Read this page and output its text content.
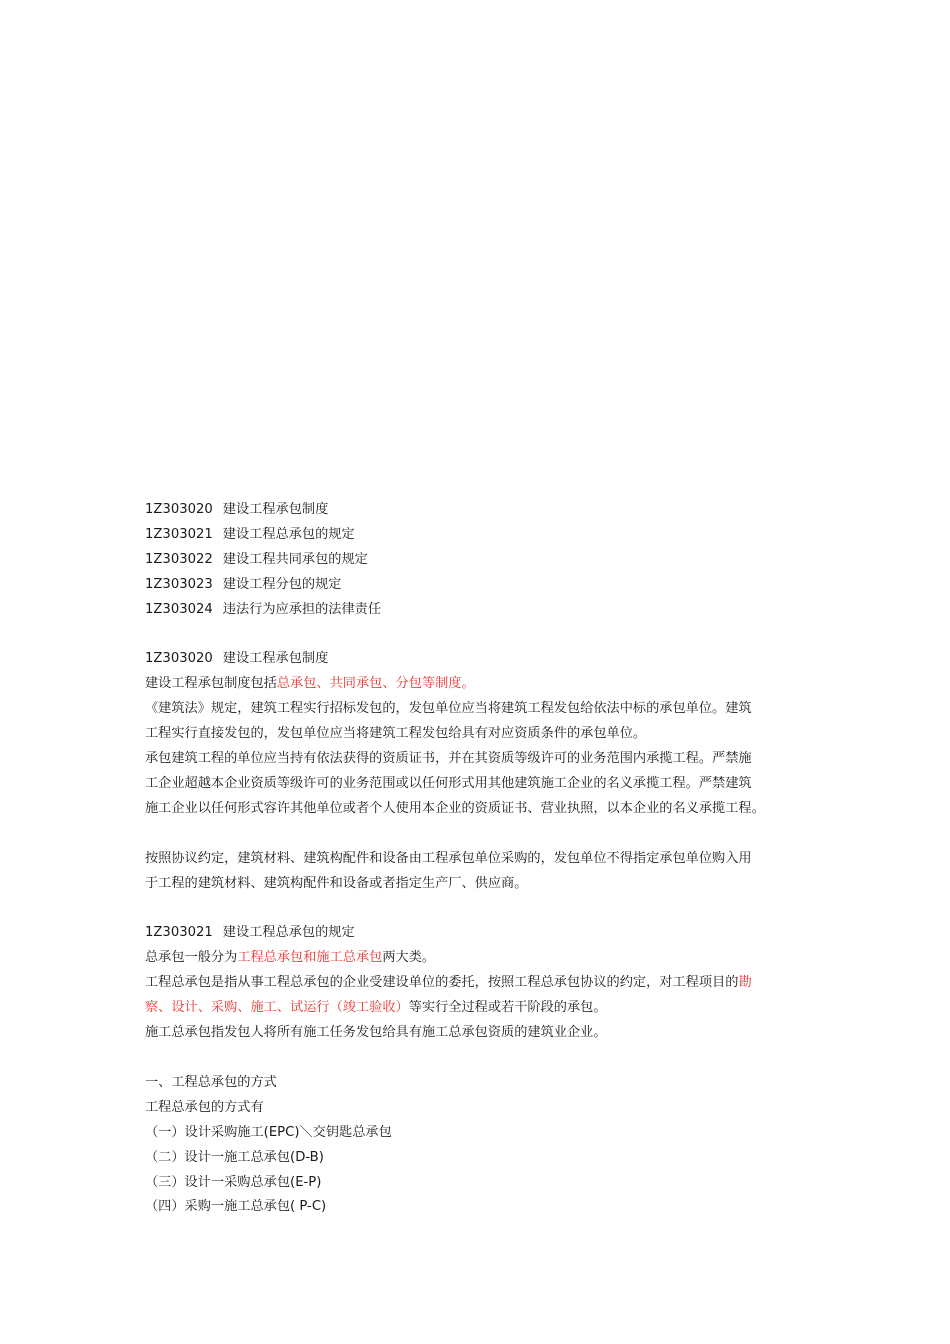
1Z303020 建设工程承包制度
1Z303021 建设工程总承包的规定
1Z303022 建设工程共同承包的规定
1Z303023 建设工程分包的规定
1Z303024 违法行为应承担的法律责任
1Z303020 建设工程承包制度
建设工程承包制度包括总承包、共同承包、分包等制度。
《建筑法》规定，建筑工程实行招标发包的，发包单位应当将建筑工程发包给依法中标的承包单位。建筑
工程实行直接发包的，发包单位应当将建筑工程发包给具有对应资质条件的承包单位。
承包建筑工程的单位应当持有依法获得的资质证书，并在其资质等级许可的业务范围内承揽工程。严禁施
工企业超越本企业资质等级许可的业务范围或以任何形式用其他建筑施工企业的名义承揽工程。严禁建筑
施工企业以任何形式容许其他单位或者个人使用本企业的资质证书、营业执照，以本企业的名义承揽工程。
按照协议约定，建筑材料、建筑构配件和设备由工程承包单位采购的，发包单位不得指定承包单位购入用
于工程的建筑材料、建筑构配件和设备或者指定生产厂、供应商。
1Z303021 建设工程总承包的规定
总承包一般分为工程总承包和施工总承包两大类。
工程总承包是指从事工程总承包的企业受建设单位的委托，按照工程总承包协议的约定，对工程项目的勘
察、设计、采购、施工、试运行（竣工验收）等实行全过程或若干阶段的承包。
施工总承包指发包人将所有施工任务发包给具有施工总承包资质的建筑业企业。
一、工程总承包的方式
工程总承包的方式有
（一）设计采购施工(EPC)＼交钥匙总承包
（二）设计一施工总承包(D-B)
（三）设计一采购总承包(E-P)
（四）采购一施工总承包( P-C)
